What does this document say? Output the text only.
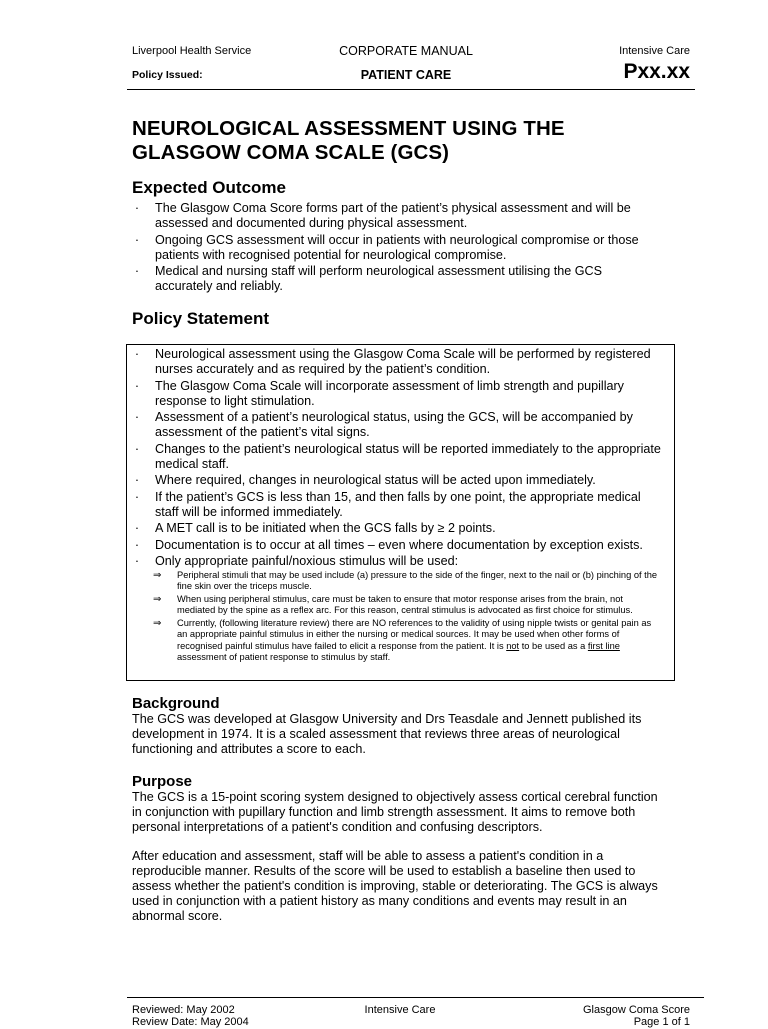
Liverpool Health Service	CORPORATE MANUAL	Intensive Care
Policy Issued:	PATIENT CARE	Pxx.xx
NEUROLOGICAL ASSESSMENT USING THE
GLASGOW COMA SCALE (GCS)
Expected Outcome
· The Glasgow Coma Score forms part of the patient’s physical assessment and will be assessed and documented during physical assessment.
· Ongoing GCS assessment will occur in patients with neurological compromise or those patients with recognised potential for neurological compromise.
· Medical and nursing staff will perform neurological assessment utilising the GCS accurately and reliably.
Policy Statement
· Neurological assessment using the Glasgow Coma Scale will be performed by registered nurses accurately and as required by the patient’s condition.
· The Glasgow Coma Scale will incorporate assessment of limb strength and pupillary response to light stimulation.
· Assessment of a patient’s neurological status, using the GCS, will be accompanied by assessment of the patient’s vital signs.
· Changes to the patient’s neurological status will be reported immediately to the appropriate medical staff.
· Where required, changes in neurological status will be acted upon immediately.
· If the patient’s GCS is less than 15, and then falls by one point, the appropriate medical staff will be informed immediately.
· A MET call is to be initiated when the GCS falls by ≥ 2 points.
· Documentation is to occur at all times – even where documentation by exception exists.
· Only appropriate painful/noxious stimulus will be used:
⇒ Peripheral stimuli that may be used include (a) pressure to the side of the finger, next to the nail or (b) pinching of the fine skin over the triceps muscle.
⇒ When using peripheral stimulus, care must be taken to ensure that motor response arises from the brain, not mediated by the spine as a reflex arc. For this reason, central stimulus is advocated as first choice for stimulus.
⇒ Currently, (following literature review) there are NO references to the validity of using nipple twists or genital pain as an appropriate painful stimulus in either the nursing or medical sources. It may be used when other forms of recognised painful stimulus have failed to elicit a response from the patient. It is not to be used as a first line assessment of patient response to stimulus by staff.
Background

The GCS was developed at Glasgow University and Drs Teasdale and Jennett published its development in 1974. It is a scaled assessment that reviews three areas of neurological functioning and attributes a score to each.

Purpose

The GCS is a 15-point scoring system designed to objectively assess cortical cerebral function in conjunction with pupillary function and limb strength assessment. It aims to remove both personal interpretations of a patient's condition and confusing descriptors.

After education and assessment, staff will be able to assess a patient's condition in a reproducible manner. Results of the score will be used to establish a baseline then used to assess whether the patient's condition is improving, stable or deteriorating. The GCS is always used in conjunction with a patient history as many conditions and events may result in an abnormal score.

Reviewed: May 2002
Review Date: May 2004
Intensive Care	Glasgow Coma Score
Page 1 of 1
